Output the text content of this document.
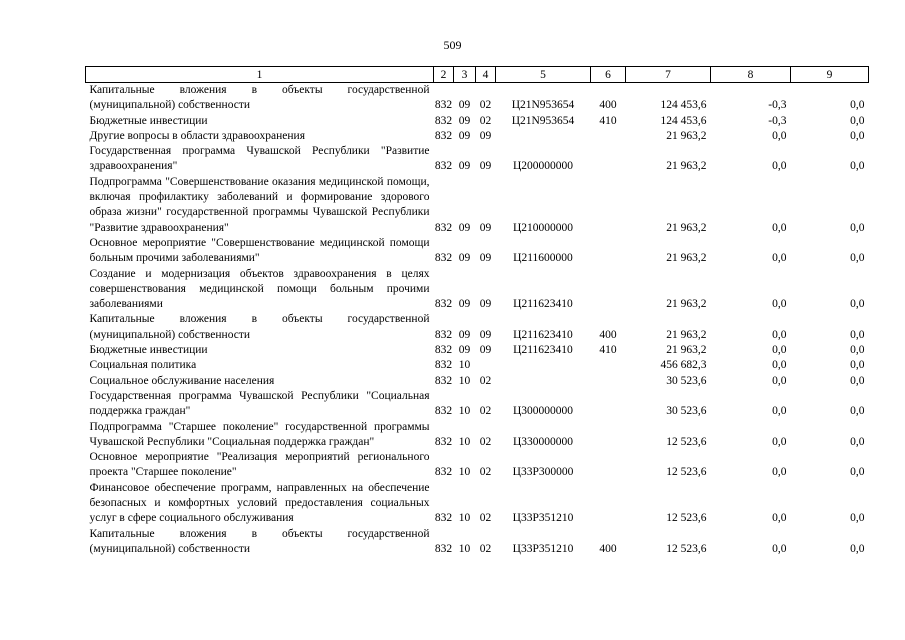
509
1	2	3	4	5	6	7	8	9
Капитальные вложения в объекты государственной (муниципальной) собственности	832	09	02	Ц21N953654	400	124 453,6	-0,3	0,0
Бюджетные инвестиции	832	09	02	Ц21N953654	410	124 453,6	-0,3	0,0
Другие вопросы в области здравоохранения	832	09	09			21 963,2	0,0	0,0
Государственная программа Чувашской Республики "Развитие здравоохранения"	832	09	09	Ц200000000		21 963,2	0,0	0,0
Подпрограмма "Совершенствование оказания медицинской помощи, включая профилактику заболеваний и формирование здорового образа жизни" государственной программы Чувашской Республики "Развитие здравоохранения"	832	09	09	Ц210000000		21 963,2	0,0	0,0
Основное мероприятие "Совершенствование медицинской помощи больным прочими заболеваниями"	832	09	09	Ц211600000		21 963,2	0,0	0,0
Создание и модернизация объектов здравоохранения в целях совершенствования медицинской помощи больным прочими заболеваниями	832	09	09	Ц211623410		21 963,2	0,0	0,0
Капитальные вложения в объекты государственной (муниципальной) собственности	832	09	09	Ц211623410	400	21 963,2	0,0	0,0
Бюджетные инвестиции	832	09	09	Ц211623410	410	21 963,2	0,0	0,0
Социальная политика	832	10				456 682,3	0,0	0,0
Социальное обслуживание населения	832	10	02			30 523,6	0,0	0,0
Государственная программа Чувашской Республики "Социальная поддержка граждан"	832	10	02	Ц300000000		30 523,6	0,0	0,0
Подпрограмма "Старшее поколение" государственной программы Чувашской Республики "Социальная поддержка граждан"	832	10	02	Ц330000000		12 523,6	0,0	0,0
Основное мероприятие "Реализация мероприятий регионального проекта "Старшее поколение"	832	10	02	Ц33P300000		12 523,6	0,0	0,0
Финансовое обеспечение программ, направленных на обеспечение безопасных и комфортных условий предоставления социальных услуг в сфере социального обслуживания	832	10	02	Ц33P351210		12 523,6	0,0	0,0
Капитальные вложения в объекты государственной (муниципальной) собственности	832	10	02	Ц33P351210	400	12 523,6	0,0	0,0
